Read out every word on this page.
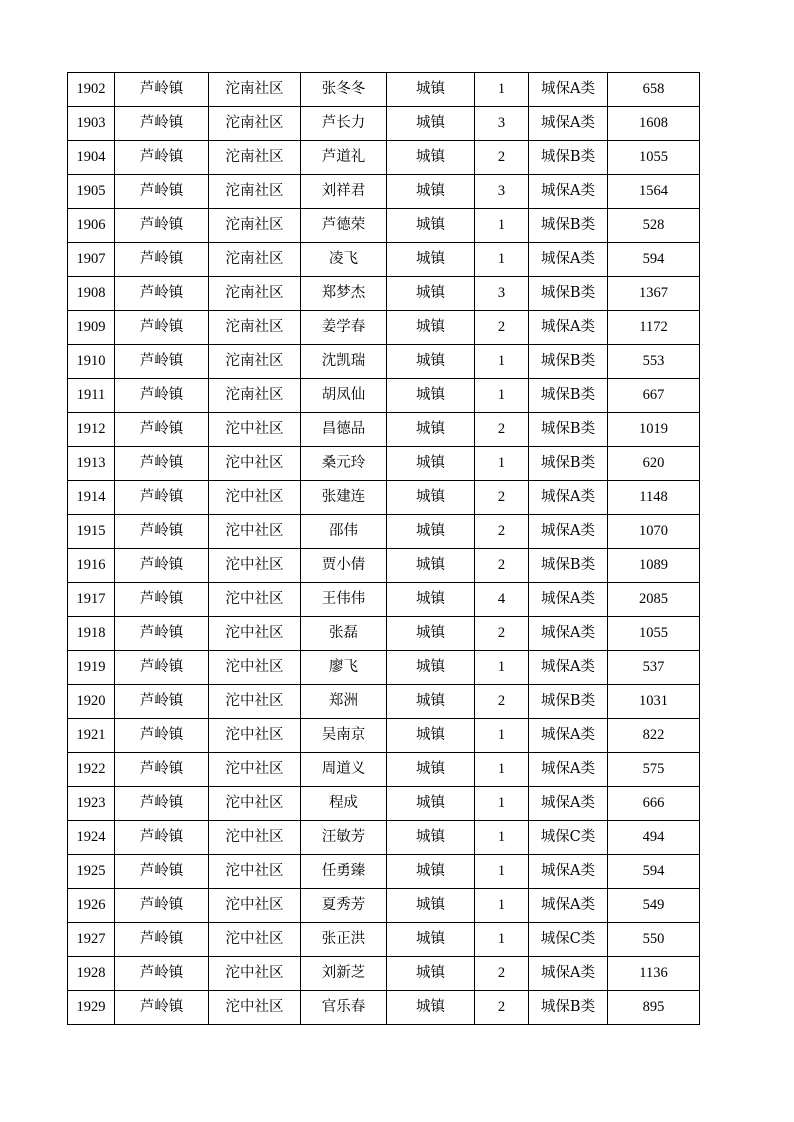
1902	芦岭镇	沱南社区	张冬冬	城镇	1	城保A类	658
1903	芦岭镇	沱南社区	芦长力	城镇	3	城保A类	1608
1904	芦岭镇	沱南社区	芦道礼	城镇	2	城保B类	1055
1905	芦岭镇	沱南社区	刘祥君	城镇	3	城保A类	1564
1906	芦岭镇	沱南社区	芦德荣	城镇	1	城保B类	528
1907	芦岭镇	沱南社区	凌飞	城镇	1	城保A类	594
1908	芦岭镇	沱南社区	郑梦杰	城镇	3	城保B类	1367
1909	芦岭镇	沱南社区	姜学春	城镇	2	城保A类	1172
1910	芦岭镇	沱南社区	沈凯瑞	城镇	1	城保B类	553
1911	芦岭镇	沱南社区	胡凤仙	城镇	1	城保B类	667
1912	芦岭镇	沱中社区	昌德品	城镇	2	城保B类	1019
1913	芦岭镇	沱中社区	桑元玲	城镇	1	城保B类	620
1914	芦岭镇	沱中社区	张建连	城镇	2	城保A类	1148
1915	芦岭镇	沱中社区	邵伟	城镇	2	城保A类	1070
1916	芦岭镇	沱中社区	贾小倩	城镇	2	城保B类	1089
1917	芦岭镇	沱中社区	王伟伟	城镇	4	城保A类	2085
1918	芦岭镇	沱中社区	张磊	城镇	2	城保A类	1055
1919	芦岭镇	沱中社区	廖飞	城镇	1	城保A类	537
1920	芦岭镇	沱中社区	郑洲	城镇	2	城保B类	1031
1921	芦岭镇	沱中社区	吴南京	城镇	1	城保A类	822
1922	芦岭镇	沱中社区	周道义	城镇	1	城保A类	575
1923	芦岭镇	沱中社区	程成	城镇	1	城保A类	666
1924	芦岭镇	沱中社区	汪敏芳	城镇	1	城保C类	494
1925	芦岭镇	沱中社区	任勇臻	城镇	1	城保A类	594
1926	芦岭镇	沱中社区	夏秀芳	城镇	1	城保A类	549
1927	芦岭镇	沱中社区	张正洪	城镇	1	城保C类	550
1928	芦岭镇	沱中社区	刘新芝	城镇	2	城保A类	1136
1929	芦岭镇	沱中社区	官乐春	城镇	2	城保B类	895
